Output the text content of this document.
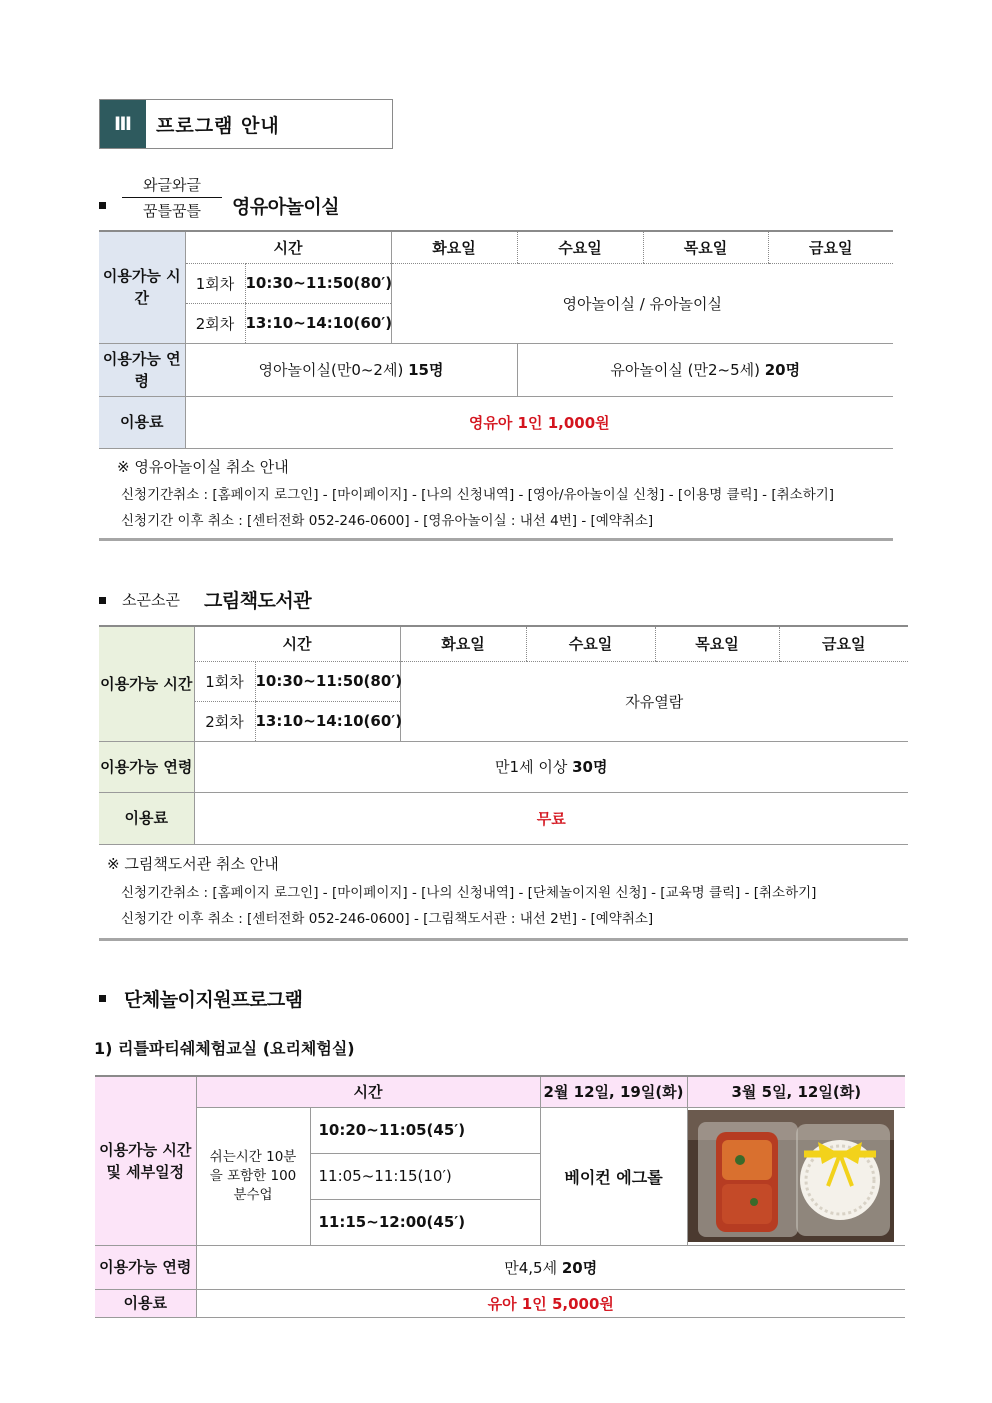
Ⅲ	프로그램 안내
와글와글
꿈틀꿈틀	영유아놀이실
이용가능 시간	시간		화요일	수요일	목요일	금요일
	1회차	10:30~11:50(80′)	영아놀이실 / 유아놀이실			
	2회차	13:10~14:10(60′)				
이용가능 연령	영아놀이실(만0~2세) 15명			유아놀이실 (만2~5세) 20명		
이용료	영유아 1인 1,000원					
※ 영유아놀이실 취소 안내
신청기간취소 : [홈페이지 로그인] - [마이페이지] - [나의 신청내역] - [영아/유아놀이실 신청] - [이용명 클릭] - [취소하기]
신청기간 이후 취소 : [센터전화 052-246-0600] - [영유아놀이실 : 내선 4번] - [예약취소]
소곤소곤 그림책도서관
이용가능 시간	시간		화요일	수요일	목요일	금요일
	1회차	10:30~11:50(80′)	자유열람			
	2회차	13:10~14:10(60′)				
이용가능 연령	만1세 이상 30명					
이용료	무료					
※ 그림책도서관 취소 안내
신청기간취소 : [홈페이지 로그인] - [마이페이지] - [나의 신청내역] - [단체놀이지원 신청] - [교육명 클릭] - [취소하기]
신청기간 이후 취소 : [센터전화 052-246-0600] - [그림책도서관 : 내선 2번] - [예약취소]
단체놀이지원프로그램
1) 리틀파티쉐체험교실 (요리체험실)
이용가능 시간 및 세부일정	시간		2월 12일, 19일(화)	3월 5일, 12일(화)
	쉬는시간 10분을 포함한 100분수업	10:20~11:05(45′)	베이컨 에그롤	

		11:05~11:15(10′)		
		11:15~12:00(45′)		
이용가능 연령	만4,5세 20명			
이용료	유아 1인 5,000원			
